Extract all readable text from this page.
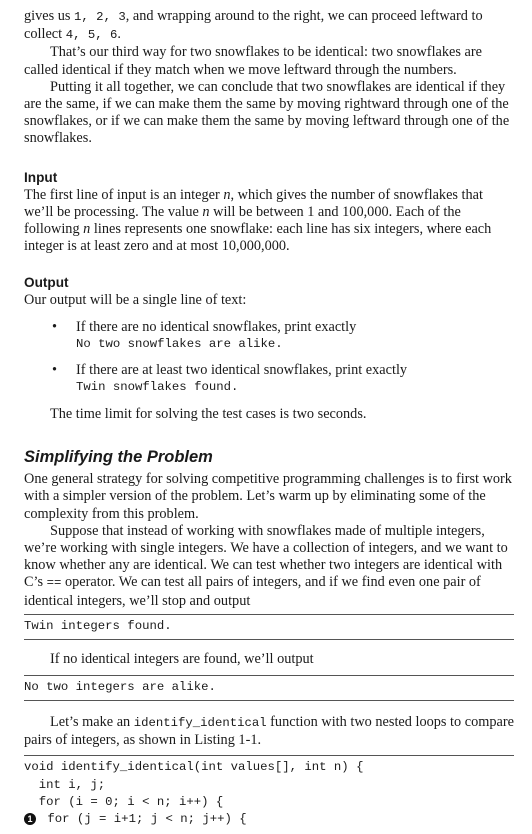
gives us 1, 2, 3, and wrapping around to the right, we can proceed leftward to collect 4, 5, 6.

That’s our third way for two snowflakes to be identical: two snowflakes are called identical if they match when we move leftward through the numbers.

Putting it all together, we can conclude that two snowflakes are identical if they are the same, if we can make them the same by moving rightward through one of the snowflakes, or if we can make them the same by moving leftward through one of the snowflakes.

Input

The first line of input is an integer n, which gives the number of snowflakes that we’ll be processing. The value n will be between 1 and 100,000. Each of the following n lines represents one snowflake: each line has six integers, where each integer is at least zero and at most 10,000,000.

Output

Our output will be a single line of text:

•	If there are no identical snowflakes, print exactly

No two snowflakes are alike.
•	If there are at least two identical snowflakes, print exactly

Twin snowflakes found.

The time limit for solving the test cases is two seconds.

Simplifying the Problem

One general strategy for solving competitive programming challenges is to first work with a simpler version of the problem. Let’s warm up by eliminating some of the complexity from this problem.

Suppose that instead of working with snowflakes made of multiple integers, we’re working with single integers. We have a collection of integers, and we want to know whether any are identical. We can test whether two integers are identical with C’s == operator. We can test all pairs of integers, and if we find even one pair of identical integers, we’ll stop and output

Twin integers found.

If no identical integers are found, we’ll output

No two integers are alike.

Let’s make an identify_identical function with two nested loops to compare pairs of integers, as shown in Listing 1-1.

void identify_identical(int values[], int n) {
int i, j;
for (i = 0; i < n; i++) {
1 for (j = i+1; j < n; j++) {
